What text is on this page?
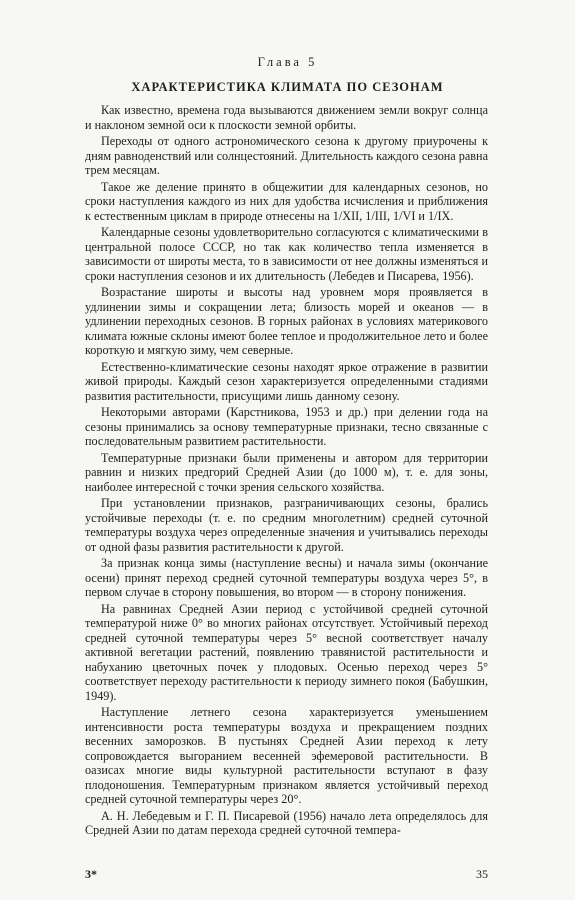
Глава 5
ХАРАКТЕРИСТИКА КЛИМАТА ПО СЕЗОНАМ

Как известно, времена года вызываются движением земли вокруг солнца и наклоном земной оси к плоскости земной орбиты.

Переходы от одного астрономического сезона к другому приурочены к дням равноденствий или солнцестояний. Длительность каждого сезона равна трем месяцам.

Такое же деление принято в общежитии для календарных сезонов, но сроки наступления каждого из них для удобства исчисления и приближения к естественным циклам в природе отнесены на 1/XII, 1/III, 1/VI и 1/IX.

Календарные сезоны удовлетворительно согласуются с климатическими в центральной полосе СССР, но так как количество тепла изменяется в зависимости от широты места, то в зависимости от нее должны изменяться и сроки наступления сезонов и их длительность (Лебедев и Писарева, 1956).

Возрастание широты и высоты над уровнем моря проявляется в удлинении зимы и сокращении лета; близость морей и океанов — в удлинении переходных сезонов. В горных районах в условиях материкового климата южные склоны имеют более теплое и продолжительное лето и более короткую и мягкую зиму, чем северные.

Естественно-климатические сезоны находят яркое отражение в развитии живой природы. Каждый сезон характеризуется определенными стадиями развития растительности, присущими лишь данному сезону.

Некоторыми авторами (Карстникова, 1953 и др.) при делении года на сезоны принимались за основу температурные признаки, тесно связанные с последовательным развитием растительности.

Температурные признаки были применены и автором для территории равнин и низких предгорий Средней Азии (до 1000 м), т. е. для зоны, наиболее интересной с точки зрения сельского хозяйства.

При установлении признаков, разграничивающих сезоны, брались устойчивые переходы (т. е. по средним многолетним) средней суточной температуры воздуха через определенные значения и учитывались переходы от одной фазы развития растительности к другой.

За признак конца зимы (наступление весны) и начала зимы (окончание осени) принят переход средней суточной температуры воздуха через 5°, в первом случае в сторону повышения, во втором — в сторону понижения.

На равнинах Средней Азии период с устойчивой средней суточной температурой ниже 0° во многих районах отсутствует. Устойчивый переход средней суточной температуры через 5° весной соответствует началу активной вегетации растений, появлению травянистой растительности и набуханию цветочных почек у плодовых. Осенью переход через 5° соответствует переходу растительности к периоду зимнего покоя (Бабушкин, 1949).

Наступление летнего сезона характеризуется уменьшением интенсивности роста температуры воздуха и прекращением поздних весенних заморозков. В пустынях Средней Азии переход к лету сопровождается выгоранием весенней эфемеровой растительности. В оазисах многие виды культурной растительности вступают в фазу плодоношения. Температурным признаком является устойчивый переход средней суточной температуры через 20°.

А. Н. Лебедевым и Г. П. Писаревой (1956) начало лета определялось для Средней Азии по датам перехода средней суточной темпера-

3*	35
